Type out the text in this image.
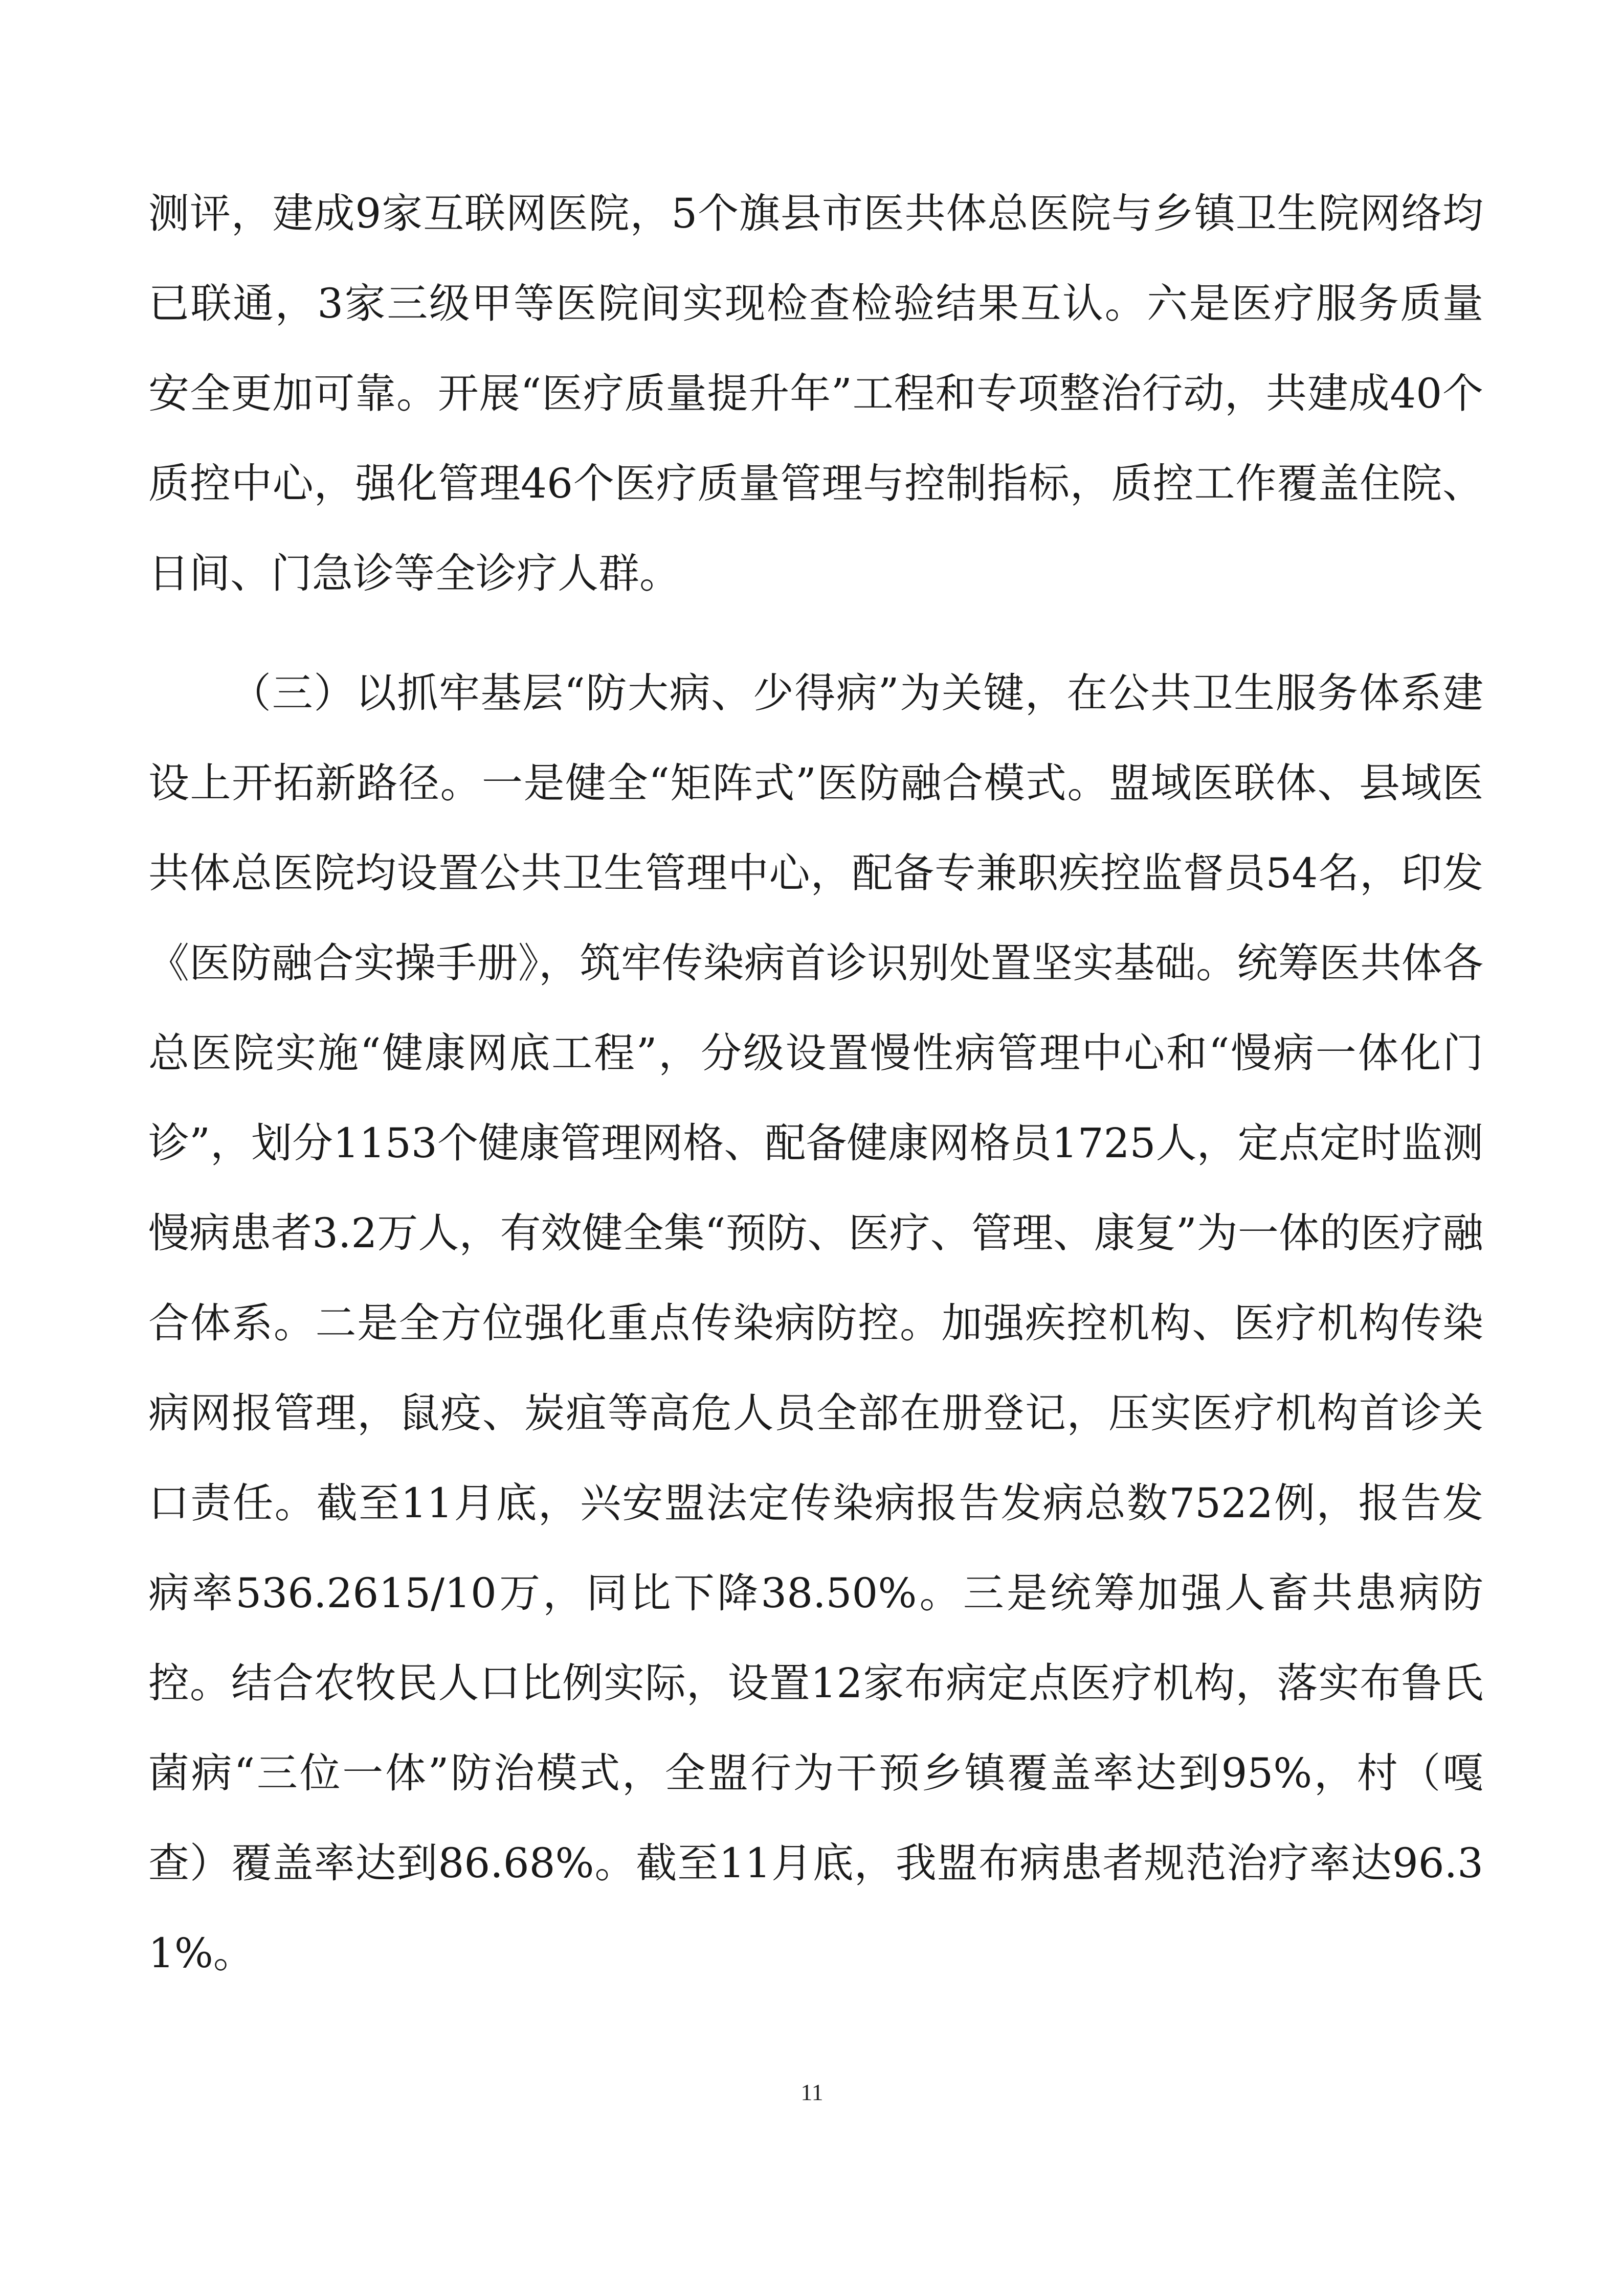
测评，建成9家互联网医院，5个旗县市医共体总医院与乡镇卫生院网络均已联通，3家三级甲等医院间实现检查检验结果互认。六是医疗服务质量安全更加可靠。开展“医疗质量提升年”工程和专项整治行动，共建成40个质控中心，强化管理46个医疗质量管理与控制指标，质控工作覆盖住院、日间、门急诊等全诊疗人群。

（三）以抓牢基层“防大病、少得病”为关键，在公共卫生服务体系建设上开拓新路径。一是健全“矩阵式”医防融合模式。盟域医联体、县域医共体总医院均设置公共卫生管理中心，配备专兼职疾控监督员54名，印发《医防融合实操手册》，筑牢传染病首诊识别处置坚实基础。统筹医共体各总医院实施“健康网底工程”，分级设置慢性病管理中心和“慢病一体化门诊”，划分1153个健康管理网格、配备健康网格员1725人，定点定时监测慢病患者3.2万人，有效健全集“预防、医疗、管理、康复”为一体的医疗融合体系。二是全方位强化重点传染病防控。加强疾控机构、医疗机构传染病网报管理，鼠疫、炭疽等高危人员全部在册登记，压实医疗机构首诊关口责任。截至11月底，兴安盟法定传染病报告发病总数7522例，报告发病率536.2615/10万，同比下降38.50%。三是统筹加强人畜共患病防控。结合农牧民人口比例实际，设置12家布病定点医疗机构，落实布鲁氏菌病“三位一体”防治模式，全盟行为干预乡镇覆盖率达到95%，村（嘎查）覆盖率达到86.68%。截至11月底，我盟布病患者规范治疗率达96.31%。

11
